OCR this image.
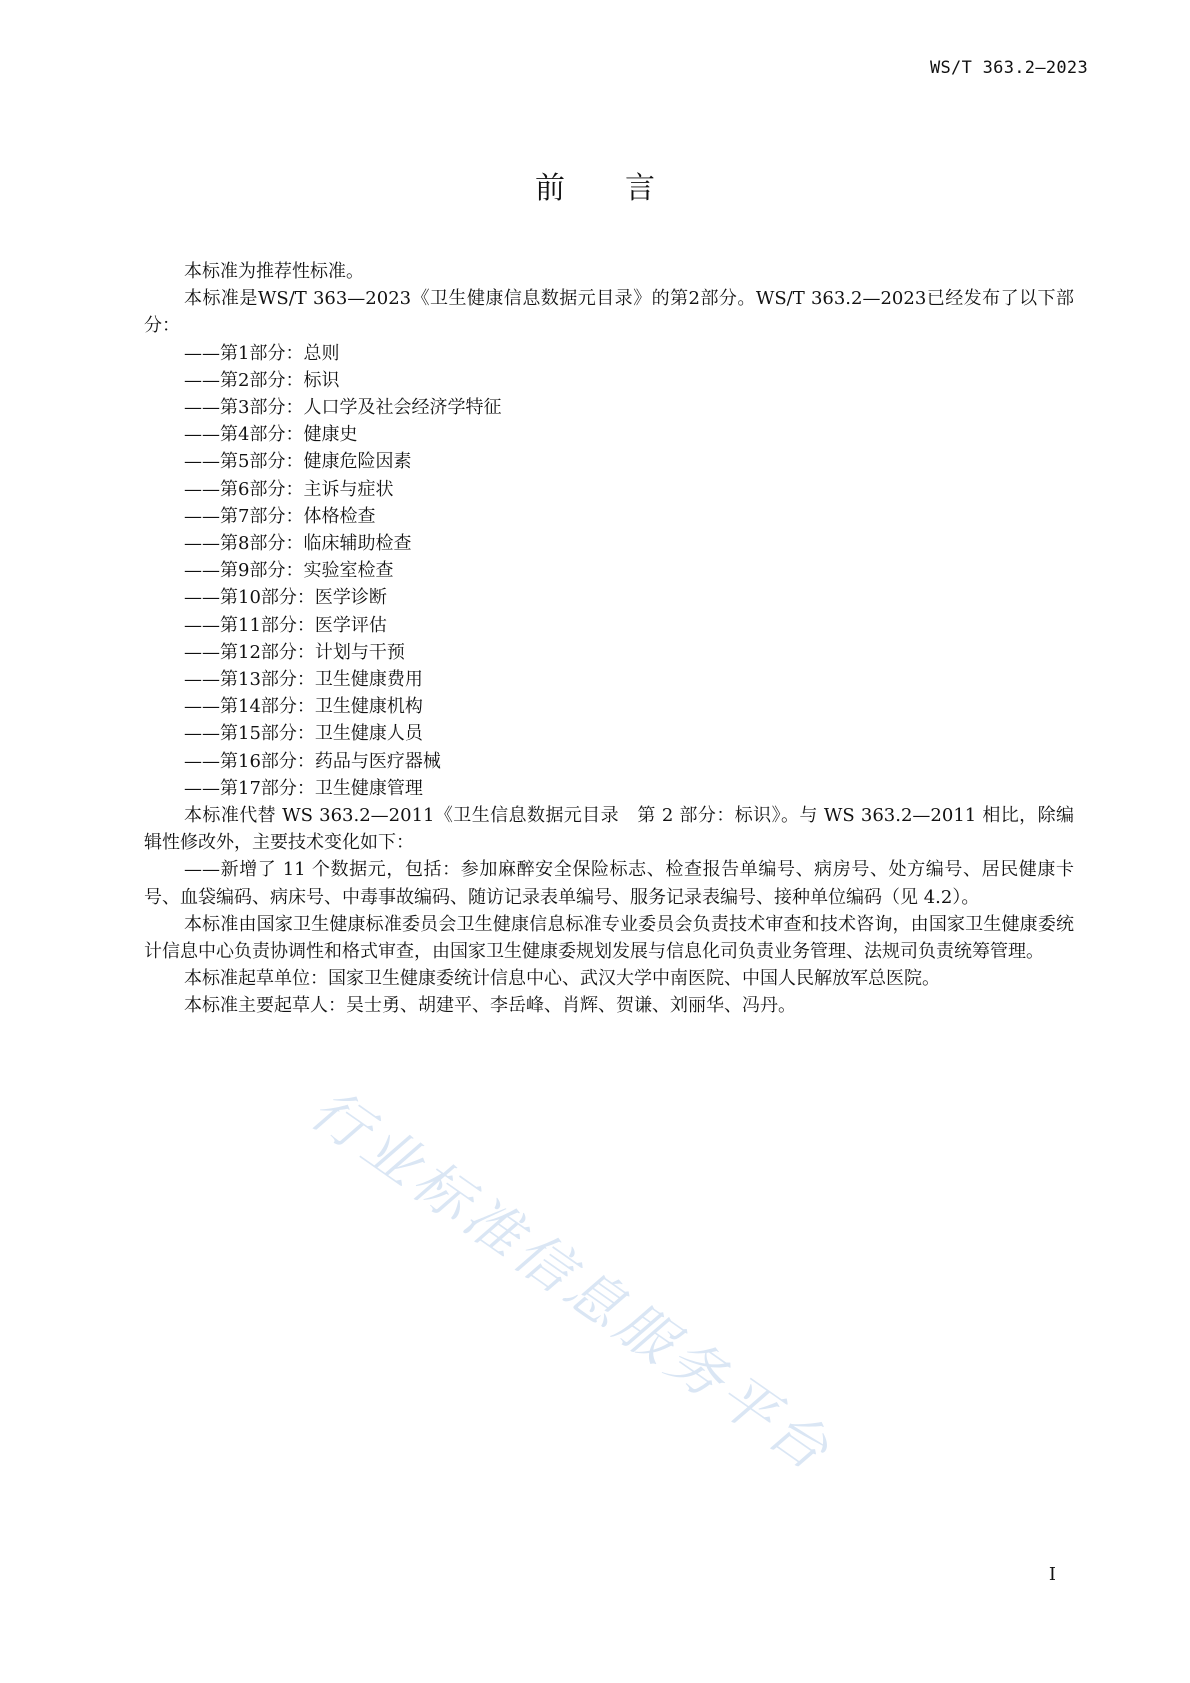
WS/T 363.2—2023
前言

本标准为推荐性标准。

本标准是WS/T 363—2023《卫生健康信息数据元目录》的第2部分。WS/T 363.2—2023已经发布了以下部分：

——第1部分：总则
——第2部分：标识
——第3部分：人口学及社会经济学特征
——第4部分：健康史
——第5部分：健康危险因素
——第6部分：主诉与症状
——第7部分：体格检查
——第8部分：临床辅助检查
——第9部分：实验室检查
——第10部分：医学诊断
——第11部分：医学评估
——第12部分：计划与干预
——第13部分：卫生健康费用
——第14部分：卫生健康机构
——第15部分：卫生健康人员
——第16部分：药品与医疗器械
——第17部分：卫生健康管理

本标准代替 WS 363.2—2011《卫生信息数据元目录　第 2 部分：标识》。与 WS 363.2—2011 相比，除编辑性修改外，主要技术变化如下：

——新增了 11 个数据元，包括：参加麻醉安全保险标志、检查报告单编号、病房号、处方编号、居民健康卡号、血袋编码、病床号、中毒事故编码、随访记录表单编号、服务记录表编号、接种单位编码（见 4.2）。

本标准由国家卫生健康标准委员会卫生健康信息标准专业委员会负责技术审查和技术咨询，由国家卫生健康委统计信息中心负责协调性和格式审查，由国家卫生健康委规划发展与信息化司负责业务管理、法规司负责统筹管理。

本标准起草单位：国家卫生健康委统计信息中心、武汉大学中南医院、中国人民解放军总医院。

本标准主要起草人：吴士勇、胡建平、李岳峰、肖辉、贺谦、刘丽华、冯丹。

行业标准信息服务平台
I
